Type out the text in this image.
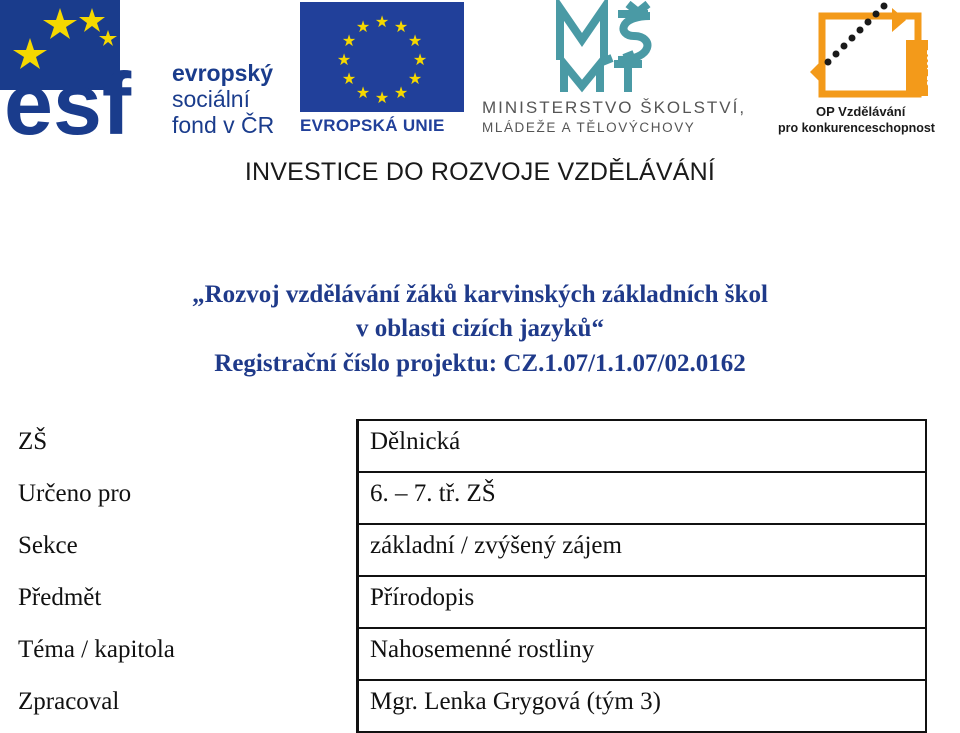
esf evropský
sociální
fond v ČR
★ ★
★
★
★
★
★
★
★
★
★
★
EVROPSKÁ UNIE
MINISTERSTVO ŠKOLSTVÍ,
MLÁDEŽE A TĚLOVÝCHOVY
2007-13
OP Vzdělávání
pro konkurenceschopnost
INVESTICE DO ROZVOJE VZDĚLÁVÁNÍ
„Rozvoj vzdělávání žáků karvinských základních škol
v oblasti cizích jazyků“
Registrační číslo projektu: CZ.1.07/1.1.07/02.0162
ZŠ	Dělnická
Určeno pro	6. – 7. tř. ZŠ
Sekce	základní / zvýšený zájem
Předmět	Přírodopis
Téma / kapitola	Nahosemenné rostliny
Zpracoval	Mgr. Lenka Grygová (tým 3)
